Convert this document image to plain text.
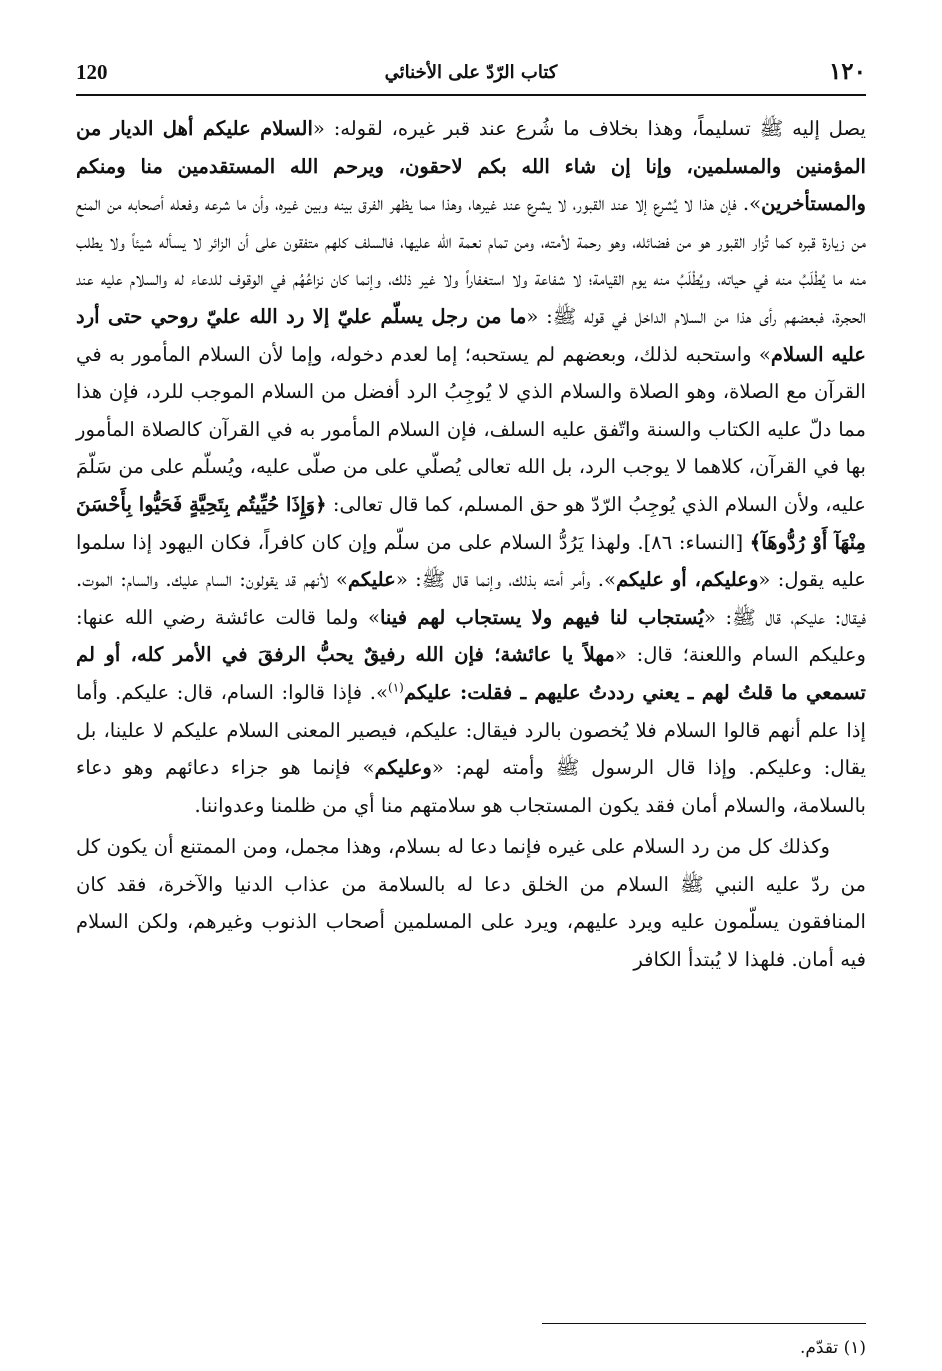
120	كتاب الرّدّ على الأخنائي	١٢٠

يصل إليه ﷺ تسليماً، وهذا بخلاف ما شُرع عند قبر غيره، لقوله: «السلام عليكم أهل الديار من المؤمنين والمسلمين، وإنا إن شاء الله بكم لاحقون، ويرحم الله المستقدمين منا ومنكم والمستأخرين». فإن هذا لا يُشرع إلا عند القبور، لا يشرع عند غيرها، وهذا مما يظهر الفرق بينه وبين غيره، وأن ما شرعه وفعله أصحابه من المنع من زيارة قبره كما تُزار القبور هو من فضائله، وهو رحمة لأمته، ومن تمام نعمة الله عليها، فالسلف كلهم متفقون على أن الزائر لا يسأله شيئاً ولا يطلب منه ما يُطْلَبُ منه في حياته، ويُطْلَبُ منه يوم القيامة؛ لا شفاعة ولا استغفاراً ولا غير ذلك، وإنما كان نزاعُهُم في الوقوف للدعاء له والسلام عليه عند الحجرة، فبعضهم رأى هذا من السلام الداخل في قوله ﷺ: «ما من رجل يسلّم عليّ إلا رد الله عليّ روحي حتى أرد عليه السلام» واستحبه لذلك، وبعضهم لم يستحبه؛ إما لعدم دخوله، وإما لأن السلام المأمور به في القرآن مع الصلاة، وهو الصلاة والسلام الذي لا يُوجِبُ الرد أفضل من السلام الموجب للرد، فإن هذا مما دلّ عليه الكتاب والسنة واتّفق عليه السلف، فإن السلام المأمور به في القرآن كالصلاة المأمور بها في القرآن، كلاهما لا يوجب الرد، بل الله تعالى يُصلّي على من صلّى عليه، ويُسلّم على من سَلّمَ عليه، ولأن السلام الذي يُوجِبُ الرّدّ هو حق المسلم، كما قال تعالى: ﴿وَإِذَا حُيِّيتُم بِتَحِيَّةٍ فَحَيُّوا بِأَحْسَنَ مِنْهَآ أَوْ رُدُّوهَآ﴾ [النساء: ٨٦]. ولهذا يَرُدُّ السلام على من سلّم وإن كان كافراً، فكان اليهود إذا سلموا عليه يقول: «وعليكم، أو عليكم». وأمر أمته بذلك، وإنما قال ﷺ: «عليكم» لأنهم قد يقولون: السام عليك. والسام: الموت. فيقال: عليكم، قال ﷺ: «يُستجاب لنا فيهم ولا يستجاب لهم فينا» ولما قالت عائشة رضي الله عنها: وعليكم السام واللعنة؛ قال: «مهلاً يا عائشة؛ فإن الله رفيقٌ يحبُّ الرفقَ في الأمر كله، أو لم تسمعي ما قلتُ لهم ـ يعني رددتُ عليهم ـ فقلت: عليكم$^{(١)}$». فإذا قالوا: السام، قال: عليكم. وأما إذا علم أنهم قالوا السلام فلا يُخصون بالرد فيقال: عليكم، فيصير المعنى السلام عليكم لا علينا، بل يقال: وعليكم. وإذا قال الرسول ﷺ وأمته لهم: «وعليكم» فإنما هو جزاء دعائهم وهو دعاء بالسلامة، والسلام أمان فقد يكون المستجاب هو سلامتهم منا أي من ظلمنا وعدواننا.

وكذلك كل من رد السلام على غيره فإنما دعا له بسلام، وهذا مجمل، ومن الممتنع أن يكون كل من ردّ عليه النبي ﷺ السلام من الخلق دعا له بالسلامة من عذاب الدنيا والآخرة، فقد كان المنافقون يسلّمون عليه ويرد عليهم، ويرد على المسلمين أصحاب الذنوب وغيرهم، ولكن السلام فيه أمان. فلهذا لا يُبتدأ الكافر

(١) تقدّم.
